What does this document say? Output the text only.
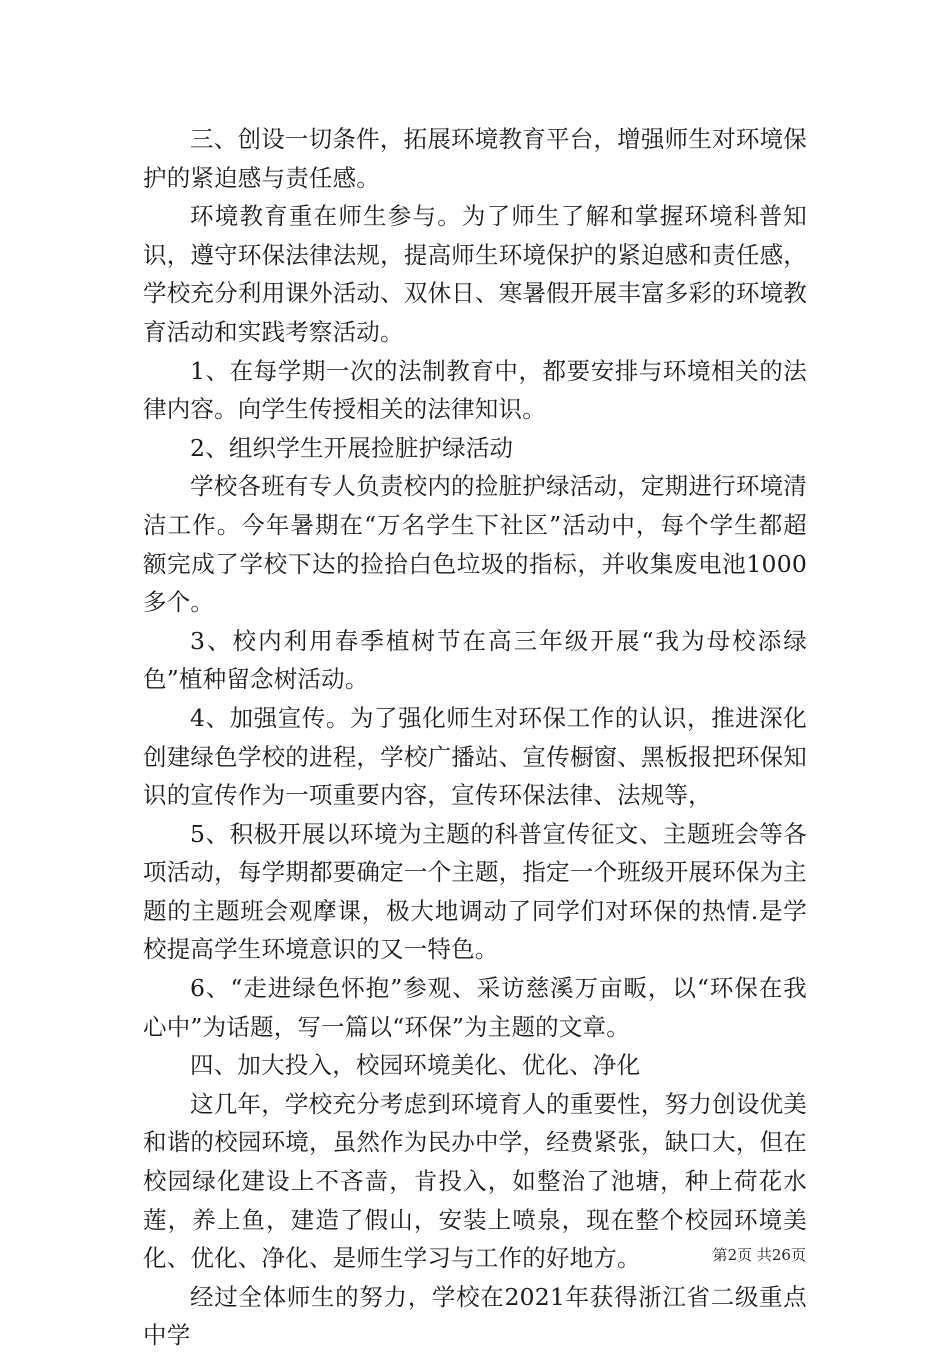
三、创设一切条件，拓展环境教育平台，增强师生对环境保护的紧迫感与责任感。

环境教育重在师生参与。为了师生了解和掌握环境科普知识，遵守环保法律法规，提高师生环境保护的紧迫感和责任感，学校充分利用课外活动、双休日、寒暑假开展丰富多彩的环境教育活动和实践考察活动。

1、在每学期一次的法制教育中，都要安排与环境相关的法律内容。向学生传授相关的法律知识。

2、组织学生开展捡脏护绿活动

学校各班有专人负责校内的捡脏护绿活动，定期进行环境清洁工作。今年暑期在“万名学生下社区”活动中，每个学生都超额完成了学校下达的捡拾白色垃圾的指标，并收集废电池1000多个。

3、校内利用春季植树节在高三年级开展“我为母校添绿色”植种留念树活动。

4、加强宣传。为了强化师生对环保工作的认识，推进深化创建绿色学校的进程，学校广播站、宣传橱窗、黑板报把环保知识的宣传作为一项重要内容，宣传环保法律、法规等，

5、积极开展以环境为主题的科普宣传征文、主题班会等各项活动，每学期都要确定一个主题，指定一个班级开展环保为主题的主题班会观摩课，极大地调动了同学们对环保的热情.是学校提高学生环境意识的又一特色。

6、“走进绿色怀抱”参观、采访慈溪万亩畈，以“环保在我心中”为话题，写一篇以“环保”为主题的文章。

四、加大投入，校园环境美化、优化、净化

这几年，学校充分考虑到环境育人的重要性，努力创设优美和谐的校园环境，虽然作为民办中学，经费紧张，缺口大，但在校园绿化建设上不吝啬，肯投入，如整治了池塘，种上荷花水莲，养上鱼，建造了假山，安装上喷泉，现在整个校园环境美化、优化、净化、是师生学习与工作的好地方。

经过全体师生的努力，学校在2021年获得浙江省二级重点中学

第2页 共26页
